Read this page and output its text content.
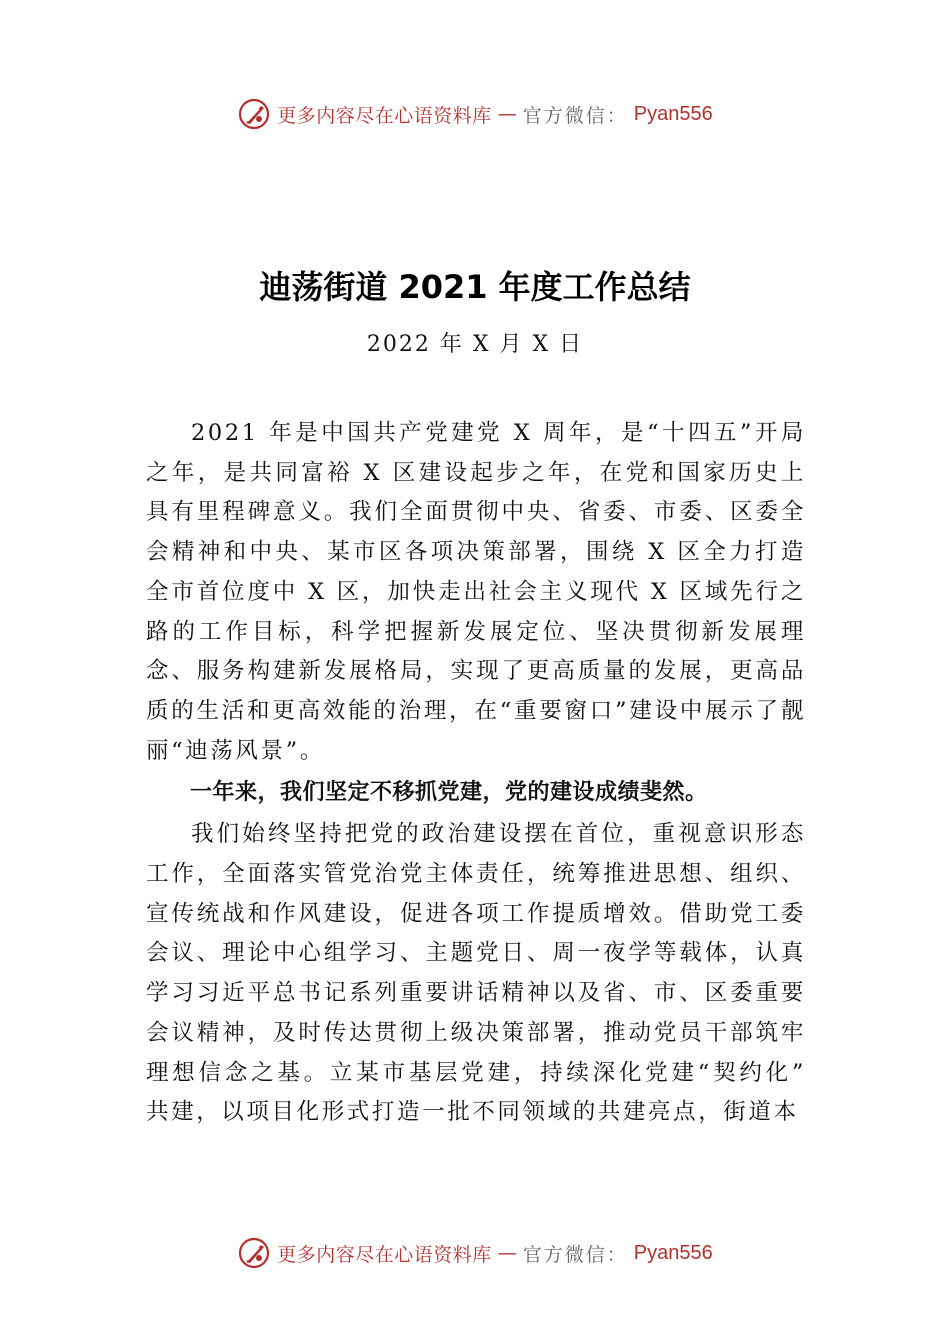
更多内容尽在心语资料库 — 官方微信： Pyan556
迪荡街道 2021 年度工作总结
2022 年 X 月 X 日

2021 年是中国共产党建党 X 周年，是“十四五”开局之年，是共同富裕 X 区建设起步之年，在党和国家历史上具有里程碑意义。我们全面贯彻中央、省委、市委、区委全 会精神和中央、某市区各项决策部署，围绕 X 区全力打造全市首位度中 X 区，加快走出社会主义现代 X 区域先行之路的工作目标，科学把握新发展定位、坚决贯彻新发展理念、服务构建新发展格局，实现了更高质量的发展，更高品质的生活和更高效能的治理，在“重要窗口”建设中展示了靓丽“迪荡风景”。

一年来，我们坚定不移抓党建，党的建设成绩斐然。

我们始终坚持把党的政治建设摆在首位，重视意识形态工作，全面落实管党治党主体责任，统筹推进思想、组织、 宣传统战和作风建设，促进各项工作提质增效。借助党工委会议、理论中心组学习、主题党日、周一夜学等载体，认真学习习近平总书记系列重要讲话精神以及省、市、区委重要会议精神，及时传达贯彻上级决策部署，推动党员干部筑牢理想信念之基。立某市基层党建，持续深化党建“契约化” 共建，以项目化形式打造一批不同领域的共建亮点，街道本

更多内容尽在心语资料库 — 官方微信： Pyan556
